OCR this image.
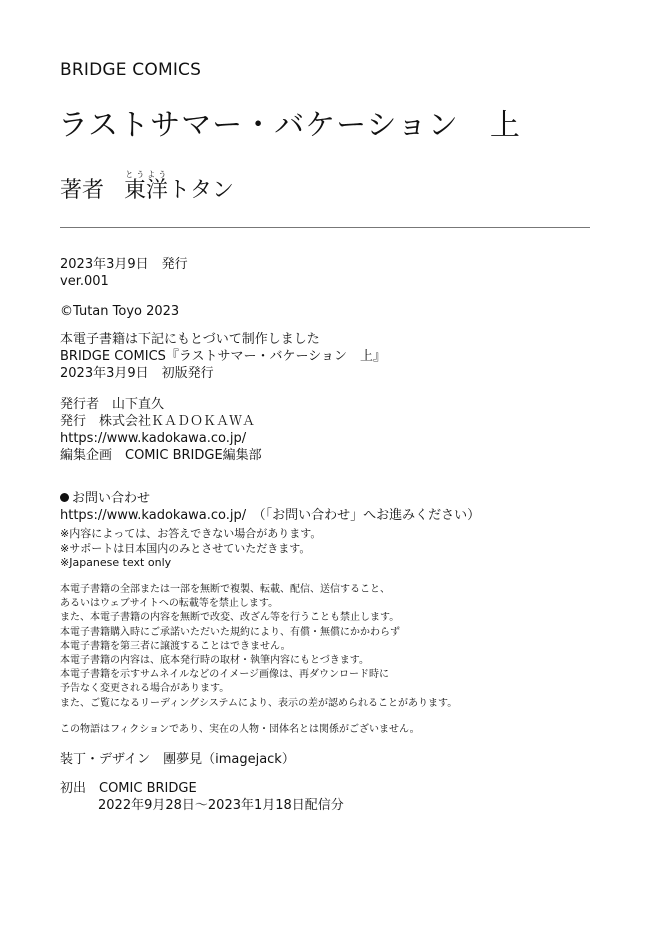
BRIDGE COMICS
ラストサマー・バケーション　上
著者 東洋とうようトタン
2023年3月9日　発行
ver.001
©Tutan Toyo 2023
本電子書籍は下記にもとづいて制作しました
BRIDGE COMICS『ラストサマー・バケーション　上』
2023年3月9日　初版発行
発行者　山下直久
発行　株式会社ＫＡＤＯＫＡＷＡ
https://www.kadokawa.co.jp/
編集企画　COMIC BRIDGE編集部
お問い合わせ
https://www.kadokawa.co.jp/　（「お問い合わせ」へお進みください）
※内容によっては、お答えできない場合があります。
※サポートは日本国内のみとさせていただきます。
※Japanese text only
本電子書籍の全部または一部を無断で複製、転載、配信、送信すること、
あるいはウェブサイトへの転載等を禁止します。
また、本電子書籍の内容を無断で改変、改ざん等を行うことも禁止します。
本電子書籍購入時にご承諾いただいた規約により、有償・無償にかかわらず
本電子書籍を第三者に譲渡することはできません。
本電子書籍の内容は、底本発行時の取材・執筆内容にもとづきます。
本電子書籍を示すサムネイルなどのイメージ画像は、再ダウンロード時に
予告なく変更される場合があります。
また、ご覧になるリーディングシステムにより、表示の差が認められることがあります。
この物語はフィクションであり、実在の人物・団体名とは関係がございません。
装丁・デザイン　團夢見（imagejack）
初出　COMIC BRIDGE
2022年9月28日～2023年1月18日配信分
